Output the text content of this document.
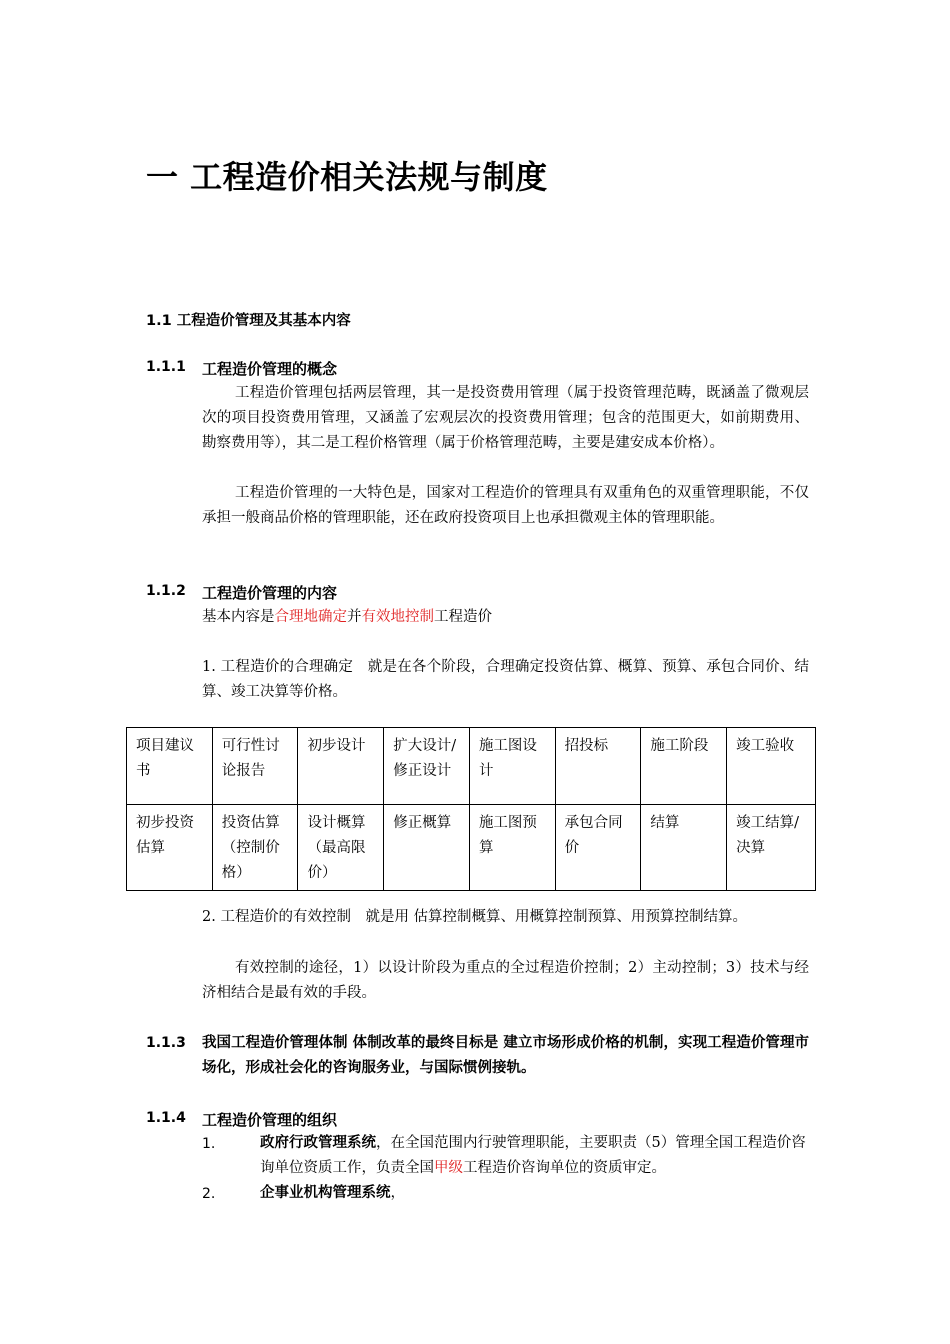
一 工程造价相关法规与制度
1.1 工程造价管理及其基本内容
1.1.1 工程造价管理的概念
工程造价管理包括两层管理，其一是投资费用管理（属于投资管理范畴，既涵盖了微观层次的项目投资费用管理，又涵盖了宏观层次的投资费用管理；包含的范围更大，如前期费用、勘察费用等），其二是工程价格管理（属于价格管理范畴，主要是建安成本价格）。
工程造价管理的一大特色是，国家对工程造价的管理具有双重角色的双重管理职能，不仅承担一般商品价格的管理职能，还在政府投资项目上也承担微观主体的管理职能。
1.1.2 工程造价管理的内容
基本内容是合理地确定并有效地控制工程造价
1. 工程造价的合理确定　就是在各个阶段，合理确定投资估算、概算、预算、承包合同价、结算、竣工决算等价格。
项目建议书	可行性讨论报告	初步设计	扩大设计/修正设计	施工图设计	招投标	施工阶段	竣工验收
初步投资估算	投资估算（控制价格）	设计概算（最高限价）	修正概算	施工图预算	承包合同价	结算	竣工结算/决算
2. 工程造价的有效控制　就是用 估算控制概算、用概算控制预算、用预算控制结算。
有效控制的途径，1）以设计阶段为重点的全过程造价控制；2）主动控制；3）技术与经济相结合是最有效的手段。
1.1.3 我国工程造价管理体制 体制改革的最终目标是 建立市场形成价格的机制，实现工程造价管理市场化，形成社会化的咨询服务业，与国际惯例接轨。
1.1.4 工程造价管理的组织
1.	政府行政管理系统，在全国范围内行驶管理职能，主要职责（5）管理全国工程造价咨询单位资质工作，负责全国甲级工程造价咨询单位的资质审定。
2.	企事业机构管理系统，
